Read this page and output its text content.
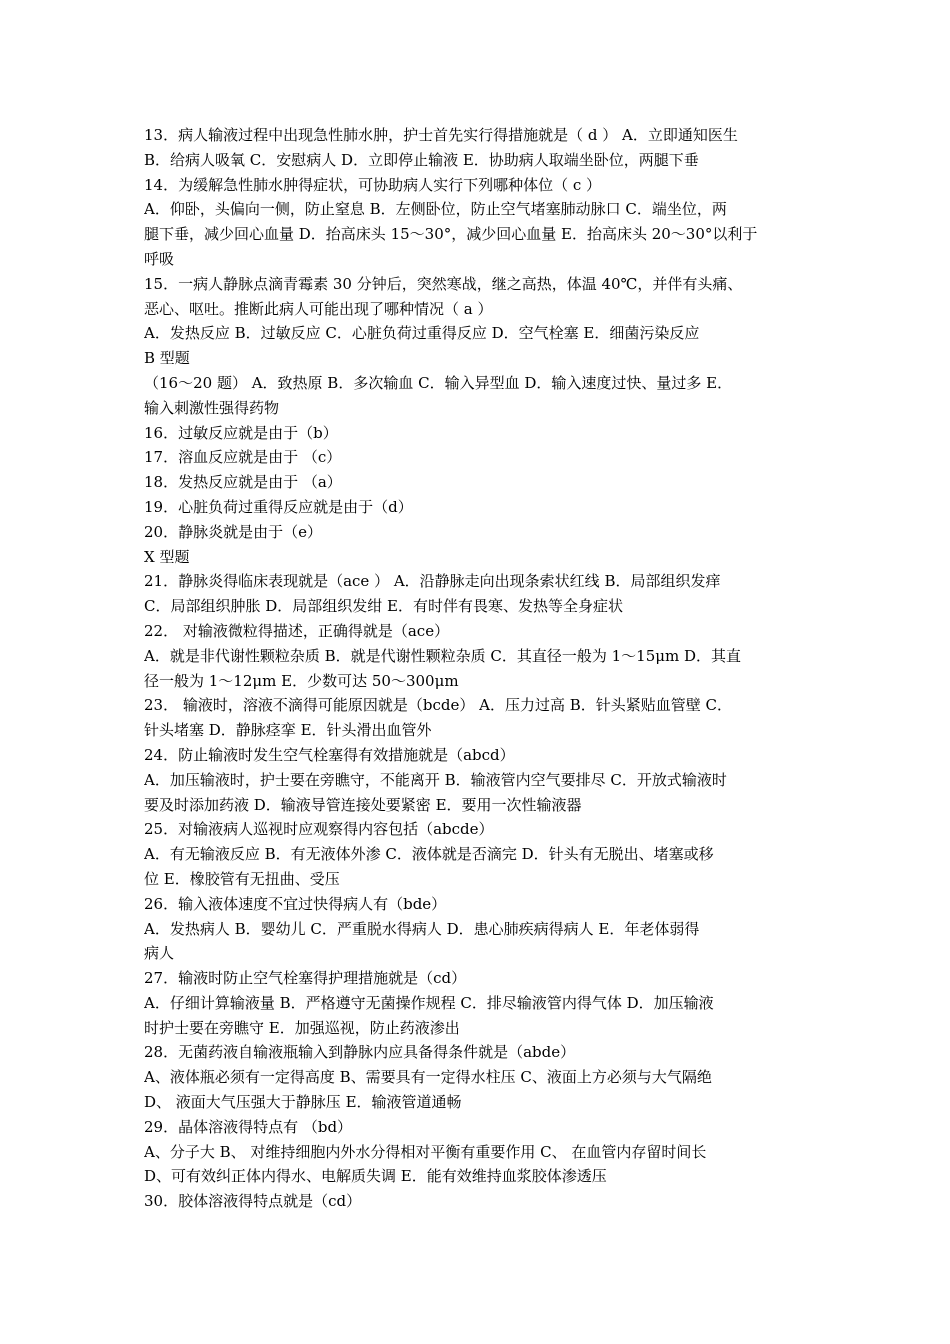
13．病人输液过程中出现急性肺水肿，护士首先实行得措施就是（ d ） A．立即通知医生
B．给病人吸氧 C．安慰病人 D．立即停止输液 E．协助病人取端坐卧位，两腿下垂
14．为缓解急性肺水肿得症状，可协助病人实行下列哪种体位（ c ）
A．仰卧，头偏向一侧，防止窒息 B．左侧卧位，防止空气堵塞肺动脉口 C．端坐位，两
腿下垂，减少回心血量 D．抬高床头 15～30°，减少回心血量 E．抬高床头 20～30°以利于
呼吸
15．一病人静脉点滴青霉素 30 分钟后，突然寒战，继之高热，体温 40℃，并伴有头痛、
恶心、呕吐。推断此病人可能出现了哪种情况（ a ）
A．发热反应 B．过敏反应 C．心脏负荷过重得反应 D．空气栓塞 E．细菌污染反应
B 型题
（16～20 题） A．致热原 B．多次输血 C．输入异型血 D．输入速度过快、量过多 E．
输入刺激性强得药物
16．过敏反应就是由于（b）
17．溶血反应就是由于 （c）
18．发热反应就是由于 （a）
19．心脏负荷过重得反应就是由于（d）
20．静脉炎就是由于（e）
X 型题
21．静脉炎得临床表现就是（ace ） A．沿静脉走向出现条索状红线 B．局部组织发痒
C．局部组织肿胀 D．局部组织发绀 E．有时伴有畏寒、发热等全身症状
22． 对输液微粒得描述，正确得就是（ace）
A．就是非代谢性颗粒杂质 B．就是代谢性颗粒杂质 C．其直径一般为 1～15μm D．其直
径一般为 1～12μm E．少数可达 50～300μm
23． 输液时，溶液不滴得可能原因就是（bcde） A．压力过高 B．针头紧贴血管壁 C．
针头堵塞 D．静脉痉挛 E．针头滑出血管外
24．防止输液时发生空气栓塞得有效措施就是（abcd）
A．加压输液时，护士要在旁瞧守，不能离开 B．输液管内空气要排尽 C．开放式输液时
要及时添加药液 D．输液导管连接处要紧密 E．要用一次性输液器
25．对输液病人巡视时应观察得内容包括（abcde）
A．有无输液反应 B．有无液体外渗 C．液体就是否滴完 D．针头有无脱出、堵塞或移
位 E．橡胶管有无扭曲、受压
26．输入液体速度不宜过快得病人有（bde）
A．发热病人 B．婴幼儿 C．严重脱水得病人 D．患心肺疾病得病人 E．年老体弱得
病人
27．输液时防止空气栓塞得护理措施就是（cd）
A．仔细计算输液量 B．严格遵守无菌操作规程 C．排尽输液管内得气体 D．加压输液
时护士要在旁瞧守 E．加强巡视，防止药液渗出
28．无菌药液自输液瓶输入到静脉内应具备得条件就是（abde）
A、液体瓶必须有一定得高度 B、需要具有一定得水柱压 C、液面上方必须与大气隔绝
D、 液面大气压强大于静脉压 E．输液管道通畅
29．晶体溶液得特点有 （bd）
A、分子大 B、 对维持细胞内外水分得相对平衡有重要作用 C、 在血管内存留时间长
D、可有效纠正体内得水、电解质失调 E．能有效维持血浆胶体渗透压
30．胶体溶液得特点就是（cd）
